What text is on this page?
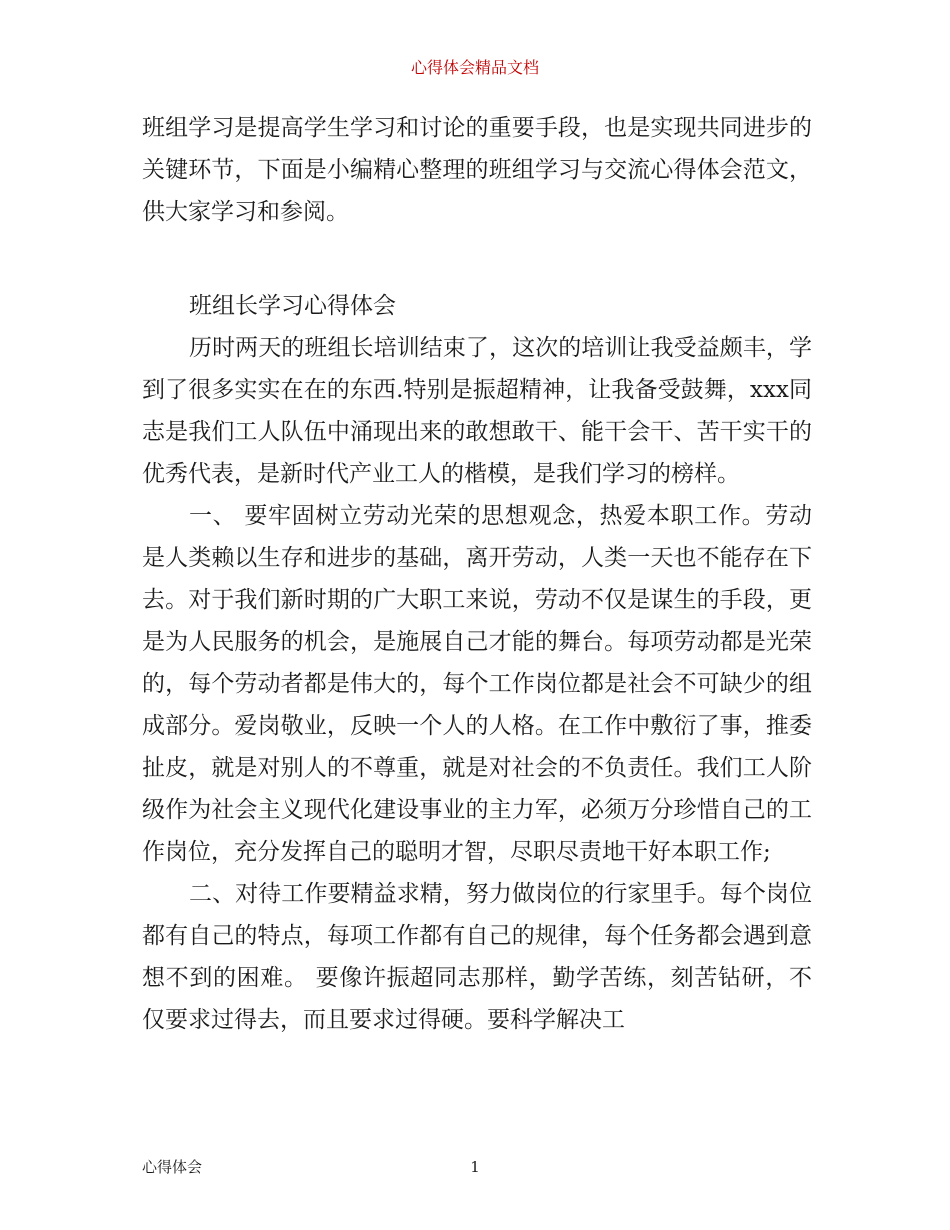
心得体会精品文档

班组学习是提高学生学习和讨论的重要手段，也是实现共同进步的关键环节，下面是小编精心整理的班组学习与交流心得体会范文，供大家学习和参阅。

班组长学习心得体会

历时两天的班组长培训结束了，这次的培训让我受益颇丰，学到了很多实实在在的东西.特别是振超精神，让我备受鼓舞，xxx同志是我们工人队伍中涌现出来的敢想敢干、能干会干、苦干实干的优秀代表，是新时代产业工人的楷模，是我们学习的榜样。

一、 要牢固树立劳动光荣的思想观念，热爱本职工作。劳动是人类赖以生存和进步的基础，离开劳动，人类一天也不能存在下去。对于我们新时期的广大职工来说，劳动不仅是谋生的手段，更是为人民服务的机会，是施展自己才能的舞台。每项劳动都是光荣的，每个劳动者都是伟大的，每个工作岗位都是社会不可缺少的组成部分。爱岗敬业，反映一个人的人格。在工作中敷衍了事，推委扯皮，就是对别人的不尊重，就是对社会的不负责任。我们工人阶级作为社会主义现代化建设事业的主力军，必须万分珍惜自己的工作岗位，充分发挥自己的聪明才智，尽职尽责地干好本职工作;

二、对待工作要精益求精，努力做岗位的行家里手。每个岗位都有自己的特点，每项工作都有自己的规律，每个任务都会遇到意想不到的困难。 要像许振超同志那样，勤学苦练，刻苦钻研，不仅要求过得去，而且要求过得硬。要科学解决工

心得体会	1
